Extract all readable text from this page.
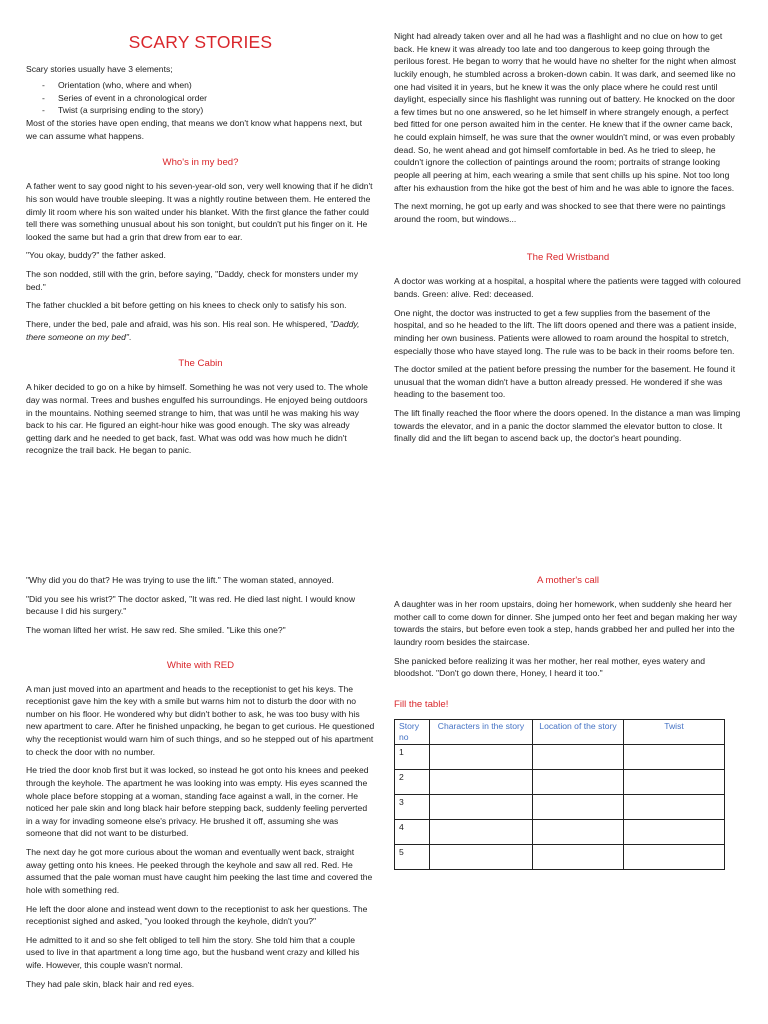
SCARY STORIES
Scary stories usually have 3 elements;
- Orientation (who, where and when)
- Series of event in a chronological order
- Twist (a surprising ending to the story)

Most of the stories have open ending, that means we don't know what happens next, but we can assume what happens.

Who's in my bed?

A father went to say good night to his seven-year-old son, very well knowing that if he didn't his son would have trouble sleeping. It was a nightly routine between them. He entered the dimly lit room where his son waited under his blanket. With the first glance the father could tell there was something unusual about his son tonight, but couldn't put his finger on it. He looked the same but had a grin that drew from ear to ear.

"You okay, buddy?" the father asked.

The son nodded, still with the grin, before saying, "Daddy, check for monsters under my bed."

The father chuckled a bit before getting on his knees to check only to satisfy his son.

There, under the bed, pale and afraid, was his son. His real son. He whispered, "Daddy, there someone on my bed".

The Cabin

A hiker decided to go on a hike by himself. Something he was not very used to. The whole day was normal. Trees and bushes engulfed his surroundings. He enjoyed being outdoors in the mountains. Nothing seemed strange to him, that was until he was making his way back to his car. He figured an eight-hour hike was good enough. The sky was already getting dark and he needed to get back, fast. What was odd was how much he didn't recognize the trail back. He began to panic.

Night had already taken over and all he had was a flashlight and no clue on how to get back. He knew it was already too late and too dangerous to keep going through the perilous forest. He began to worry that he would have no shelter for the night when almost luckily enough, he stumbled across a broken-down cabin. It was dark, and seemed like no one had visited it in years, but he knew it was the only place where he could rest until daylight, especially since his flashlight was running out of battery. He knocked on the door a few times but no one answered, so he let himself in where strangely enough, a perfect bed fitted for one person awaited him in the center. He knew that if the owner came back, he could explain himself, he was sure that the owner wouldn't mind, or was even probably dead. So, he went ahead and got himself comfortable in bed. As he tried to sleep, he couldn't ignore the collection of paintings around the room; portraits of strange looking people all peering at him, each wearing a smile that sent chills up his spine. Not too long after his exhaustion from the hike got the best of him and he was able to ignore the faces.

The next morning, he got up early and was shocked to see that there were no paintings around the room, but windows...

The Red Wristband

A doctor was working at a hospital, a hospital where the patients were tagged with coloured bands. Green: alive. Red: deceased.

One night, the doctor was instructed to get a few supplies from the basement of the hospital, and so he headed to the lift. The lift doors opened and there was a patient inside, minding her own business. Patients were allowed to roam around the hospital to stretch, especially those who have stayed long. The rule was to be back in their rooms before ten.

The doctor smiled at the patient before pressing the number for the basement. He found it unusual that the woman didn't have a button already pressed. He wondered if she was heading to the basement too.

The lift finally reached the floor where the doors opened. In the distance a man was limping towards the elevator, and in a panic the doctor slammed the elevator button to close. It finally did and the lift began to ascend back up, the doctor's heart pounding.

"Why did you do that? He was trying to use the lift." The woman stated, annoyed.

"Did you see his wrist?" The doctor asked, "It was red. He died last night. I would know because I did his surgery."

The woman lifted her wrist. He saw red. She smiled. "Like this one?"

White with RED

A man just moved into an apartment and heads to the receptionist to get his keys. The receptionist gave him the key with a smile but warns him not to disturb the door with no number on his floor. He wondered why but didn't bother to ask, he was too busy with his new apartment to care. After he finished unpacking, he began to get curious. He questioned why the receptionist would warn him of such things, and so he stepped out of his apartment to check the door with no number.

He tried the door knob first but it was locked, so instead he got onto his knees and peeked through the keyhole. The apartment he was looking into was empty. His eyes scanned the whole place before stopping at a woman, standing face against a wall, in the corner. He noticed her pale skin and long black hair before stepping back, suddenly feeling perverted in a way for invading someone else's privacy. He brushed it off, assuming she was someone that did not want to be disturbed.

The next day he got more curious about the woman and eventually went back, straight away getting onto his knees. He peeked through the keyhole and saw all red. Red. He assumed that the pale woman must have caught him peeking the last time and covered the hole with something red.

He left the door alone and instead went down to the receptionist to ask her questions. The receptionist sighed and asked, "you looked through the keyhole, didn't you?"

He admitted to it and so she felt obliged to tell him the story. She told him that a couple used to live in that apartment a long time ago, but the husband went crazy and killed his wife. However, this couple wasn't normal.

They had pale skin, black hair and red eyes.

A mother's call

A daughter was in her room upstairs, doing her homework, when suddenly she heard her mother call to come down for dinner. She jumped onto her feet and began making her way towards the stairs, but before even took a step, hands grabbed her and pulled her into the laundry room besides the staircase.

She panicked before realizing it was her mother, her real mother, eyes watery and bloodshot. "Don't go down there, Honey, I heard it too."

Fill the table!
Story no	Characters in the story	Location of the story	Twist
1			
2			
3			
4			
5			
